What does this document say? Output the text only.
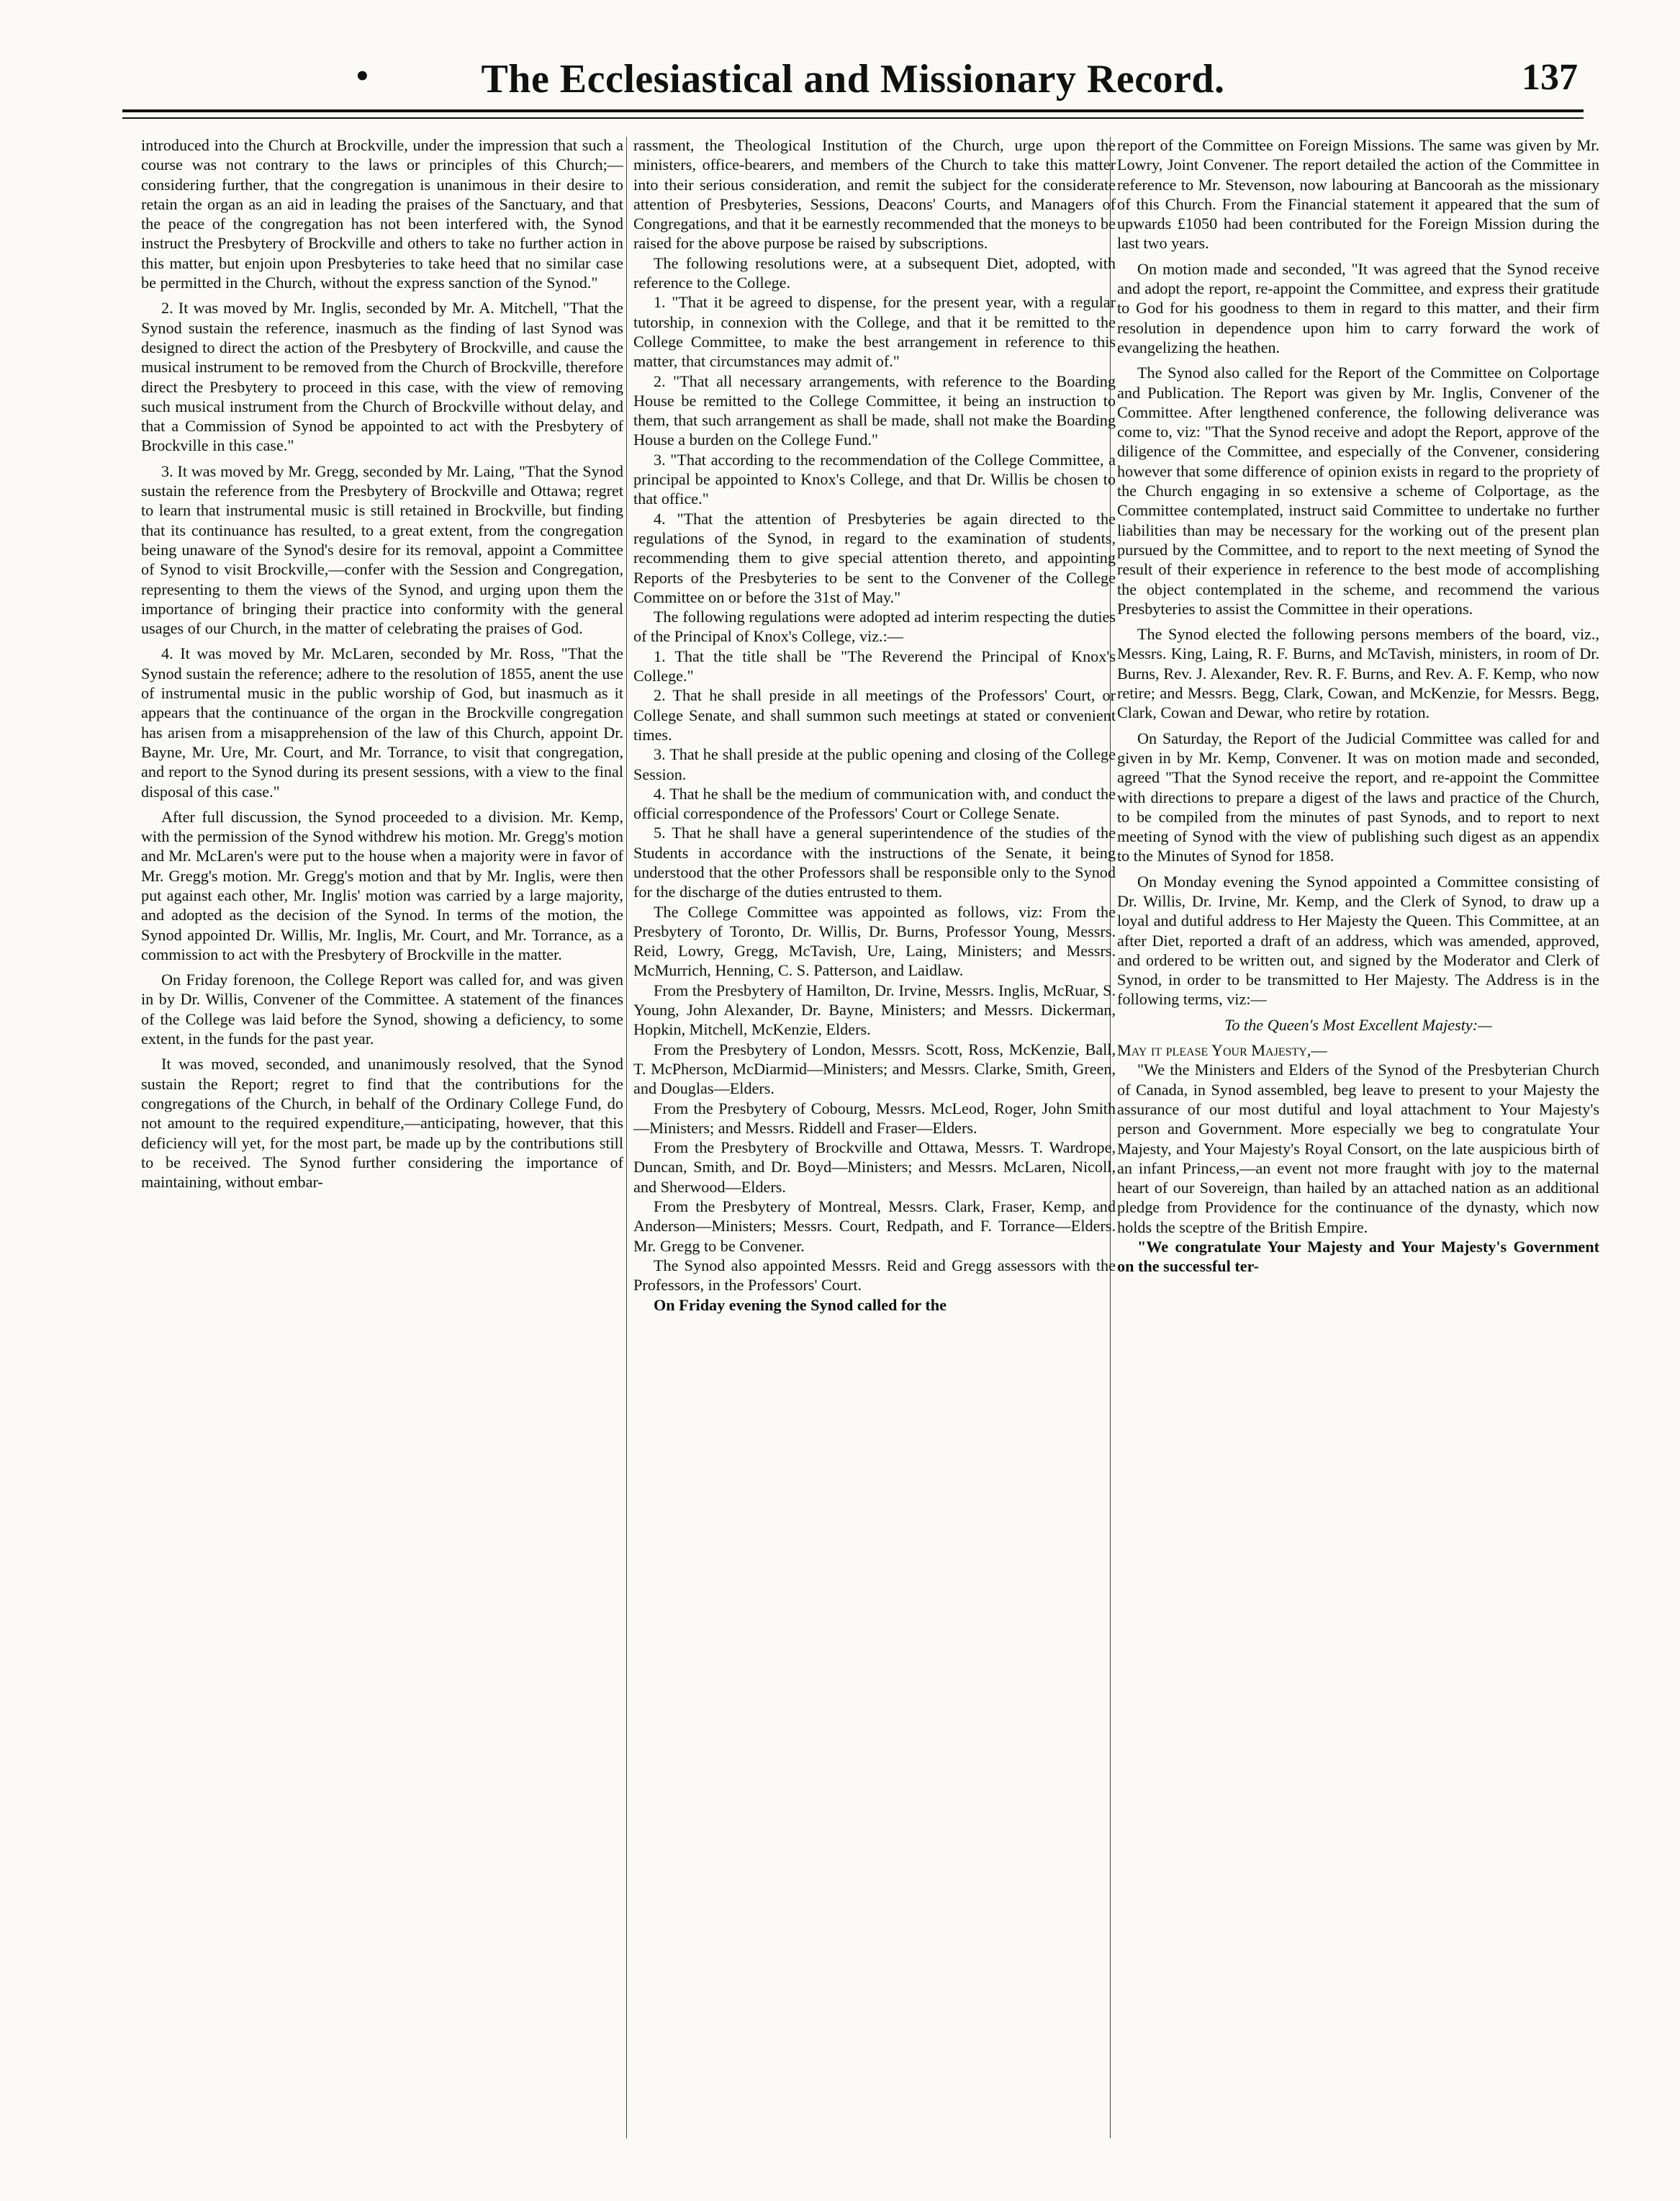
•	The Ecclesiastical and Missionary Record.	137

introduced into the Church at Brockville, under the impression that such a course was not contrary to the laws or principles of this Church;—considering further, that the congregation is unanimous in their desire to retain the organ as an aid in leading the praises of the Sanctuary, and that the peace of the congregation has not been interfered with, the Synod instruct the Presbytery of Brockville and others to take no further action in this matter, but enjoin upon Presbyteries to take heed that no similar case be permitted in the Church, without the express sanction of the Synod."

2. It was moved by Mr. Inglis, seconded by Mr. A. Mitchell, "That the Synod sustain the reference, inasmuch as the finding of last Synod was designed to direct the action of the Presbytery of Brockville, and cause the musical instrument to be removed from the Church of Brockville, therefore direct the Presbytery to proceed in this case, with the view of removing such musical instrument from the Church of Brockville without delay, and that a Commission of Synod be appointed to act with the Presbytery of Brockville in this case."

3. It was moved by Mr. Gregg, seconded by Mr. Laing, "That the Synod sustain the reference from the Presbytery of Brockville and Ottawa; regret to learn that instrumental music is still retained in Brockville, but finding that its continuance has resulted, to a great extent, from the congregation being unaware of the Synod's desire for its removal, appoint a Committee of Synod to visit Brockville,—confer with the Session and Congregation, representing to them the views of the Synod, and urging upon them the importance of bringing their practice into conformity with the general usages of our Church, in the matter of celebrating the praises of God.

4. It was moved by Mr. McLaren, seconded by Mr. Ross, "That the Synod sustain the reference; adhere to the resolution of 1855, anent the use of instrumental music in the public worship of God, but inasmuch as it appears that the continuance of the organ in the Brockville congregation has arisen from a misapprehension of the law of this Church, appoint Dr. Bayne, Mr. Ure, Mr. Court, and Mr. Torrance, to visit that congregation, and report to the Synod during its present sessions, with a view to the final disposal of this case."

After full discussion, the Synod proceeded to a division. Mr. Kemp, with the permission of the Synod withdrew his motion. Mr. Gregg's motion and Mr. McLaren's were put to the house when a majority were in favor of Mr. Gregg's motion. Mr. Gregg's motion and that by Mr. Inglis, were then put against each other, Mr. Inglis' motion was carried by a large majority, and adopted as the decision of the Synod. In terms of the motion, the Synod appointed Dr. Willis, Mr. Inglis, Mr. Court, and Mr. Torrance, as a commission to act with the Presbytery of Brockville in the matter.

On Friday forenoon, the College Report was called for, and was given in by Dr. Willis, Convener of the Committee. A statement of the finances of the College was laid before the Synod, showing a deficiency, to some extent, in the funds for the past year.

It was moved, seconded, and unanimously resolved, that the Synod sustain the Report; regret to find that the contributions for the congregations of the Church, in behalf of the Ordinary College Fund, do not amount to the required expenditure,—anticipating, however, that this deficiency will yet, for the most part, be made up by the contributions still to be received. The Synod further considering the importance of maintaining, without embar-

rassment, the Theological Institution of the Church, urge upon the ministers, office-bearers, and members of the Church to take this matter into their serious consideration, and remit the subject for the considerate attention of Presbyteries, Sessions, Deacons' Courts, and Managers of Congregations, and that it be earnestly recommended that the moneys to be raised for the above purpose be raised by subscriptions.

The following resolutions were, at a subsequent Diet, adopted, with reference to the College.

1. "That it be agreed to dispense, for the present year, with a regular tutorship, in connexion with the College, and that it be remitted to the College Committee, to make the best arrangement in reference to this matter, that circumstances may admit of."

2. "That all necessary arrangements, with reference to the Boarding House be remitted to the College Committee, it being an instruction to them, that such arrangement as shall be made, shall not make the Boarding House a burden on the College Fund."

3. "That according to the recommendation of the College Committee, a principal be appointed to Knox's College, and that Dr. Willis be chosen to that office."

4. "That the attention of Presbyteries be again directed to the regulations of the Synod, in regard to the examination of students, recommending them to give special attention thereto, and appointing Reports of the Presbyteries to be sent to the Convener of the College Committee on or before the 31st of May."

The following regulations were adopted ad interim respecting the duties of the Principal of Knox's College, viz.:—

1. That the title shall be "The Reverend the Principal of Knox's College."

2. That he shall preside in all meetings of the Professors' Court, or College Senate, and shall summon such meetings at stated or convenient times.

3. That he shall preside at the public opening and closing of the College Session.

4. That he shall be the medium of communication with, and conduct the official correspondence of the Professors' Court or College Senate.

5. That he shall have a general superintendence of the studies of the Students in accordance with the instructions of the Senate, it being understood that the other Professors shall be responsible only to the Synod for the discharge of the duties entrusted to them.

The College Committee was appointed as follows, viz: From the Presbytery of Toronto, Dr. Willis, Dr. Burns, Professor Young, Messrs. Reid, Lowry, Gregg, McTavish, Ure, Laing, Ministers; and Messrs. McMurrich, Henning, C. S. Patterson, and Laidlaw.

From the Presbytery of Hamilton, Dr. Irvine, Messrs. Inglis, McRuar, S. Young, John Alexander, Dr. Bayne, Ministers; and Messrs. Dickerman, Hopkin, Mitchell, McKenzie, Elders.

From the Presbytery of London, Messrs. Scott, Ross, McKenzie, Ball, T. McPherson, McDiarmid—Ministers; and Messrs. Clarke, Smith, Green, and Douglas—Elders.

From the Presbytery of Cobourg, Messrs. McLeod, Roger, John Smith—Ministers; and Messrs. Riddell and Fraser—Elders.

From the Presbytery of Brockville and Ottawa, Messrs. T. Wardrope, Duncan, Smith, and Dr. Boyd—Ministers; and Messrs. McLaren, Nicoll, and Sherwood—Elders.

From the Presbytery of Montreal, Messrs. Clark, Fraser, Kemp, and Anderson—Ministers; Messrs. Court, Redpath, and F. Torrance—Elders. Mr. Gregg to be Convener.

The Synod also appointed Messrs. Reid and Gregg assessors with the Professors, in the Professors' Court.

On Friday evening the Synod called for the

report of the Committee on Foreign Missions. The same was given by Mr. Lowry, Joint Convener. The report detailed the action of the Committee in reference to Mr. Stevenson, now labouring at Bancoorah as the missionary of this Church. From the Financial statement it appeared that the sum of upwards £1050 had been contributed for the Foreign Mission during the last two years.

On motion made and seconded, "It was agreed that the Synod receive and adopt the report, re-appoint the Committee, and express their gratitude to God for his goodness to them in regard to this matter, and their firm resolution in dependence upon him to carry forward the work of evangelizing the heathen.

The Synod also called for the Report of the Committee on Colportage and Publication. The Report was given by Mr. Inglis, Convener of the Committee. After lengthened conference, the following deliverance was come to, viz: "That the Synod receive and adopt the Report, approve of the diligence of the Committee, and especially of the Convener, considering however that some difference of opinion exists in regard to the propriety of the Church engaging in so extensive a scheme of Colportage, as the Committee contemplated, instruct said Committee to undertake no further liabilities than may be necessary for the working out of the present plan pursued by the Committee, and to report to the next meeting of Synod the result of their experience in reference to the best mode of accomplishing the object contemplated in the scheme, and recommend the various Presbyteries to assist the Committee in their operations.

The Synod elected the following persons members of the board, viz., Messrs. King, Laing, R. F. Burns, and McTavish, ministers, in room of Dr. Burns, Rev. J. Alexander, Rev. R. F. Burns, and Rev. A. F. Kemp, who now retire; and Messrs. Begg, Clark, Cowan, and McKenzie, for Messrs. Begg, Clark, Cowan and Dewar, who retire by rotation.

On Saturday, the Report of the Judicial Committee was called for and given in by Mr. Kemp, Convener. It was on motion made and seconded, agreed "That the Synod receive the report, and re-appoint the Committee with directions to prepare a digest of the laws and practice of the Church, to be compiled from the minutes of past Synods, and to report to next meeting of Synod with the view of publishing such digest as an appendix to the Minutes of Synod for 1858.

On Monday evening the Synod appointed a Committee consisting of Dr. Willis, Dr. Irvine, Mr. Kemp, and the Clerk of Synod, to draw up a loyal and dutiful address to Her Majesty the Queen. This Committee, at an after Diet, reported a draft of an address, which was amended, approved, and ordered to be written out, and signed by the Moderator and Clerk of Synod, in order to be transmitted to Her Majesty. The Address is in the following terms, viz:—

To the Queen's Most Excellent Majesty:—

May it please Your Majesty,—

"We the Ministers and Elders of the Synod of the Presbyterian Church of Canada, in Synod assembled, beg leave to present to your Majesty the assurance of our most dutiful and loyal attachment to Your Majesty's person and Government. More especially we beg to congratulate Your Majesty, and Your Majesty's Royal Consort, on the late auspicious birth of an infant Princess,—an event not more fraught with joy to the maternal heart of our Sovereign, than hailed by an attached nation as an additional pledge from Providence for the continuance of the dynasty, which now holds the sceptre of the British Empire.

"We congratulate Your Majesty and Your Majesty's Government on the successful ter-
